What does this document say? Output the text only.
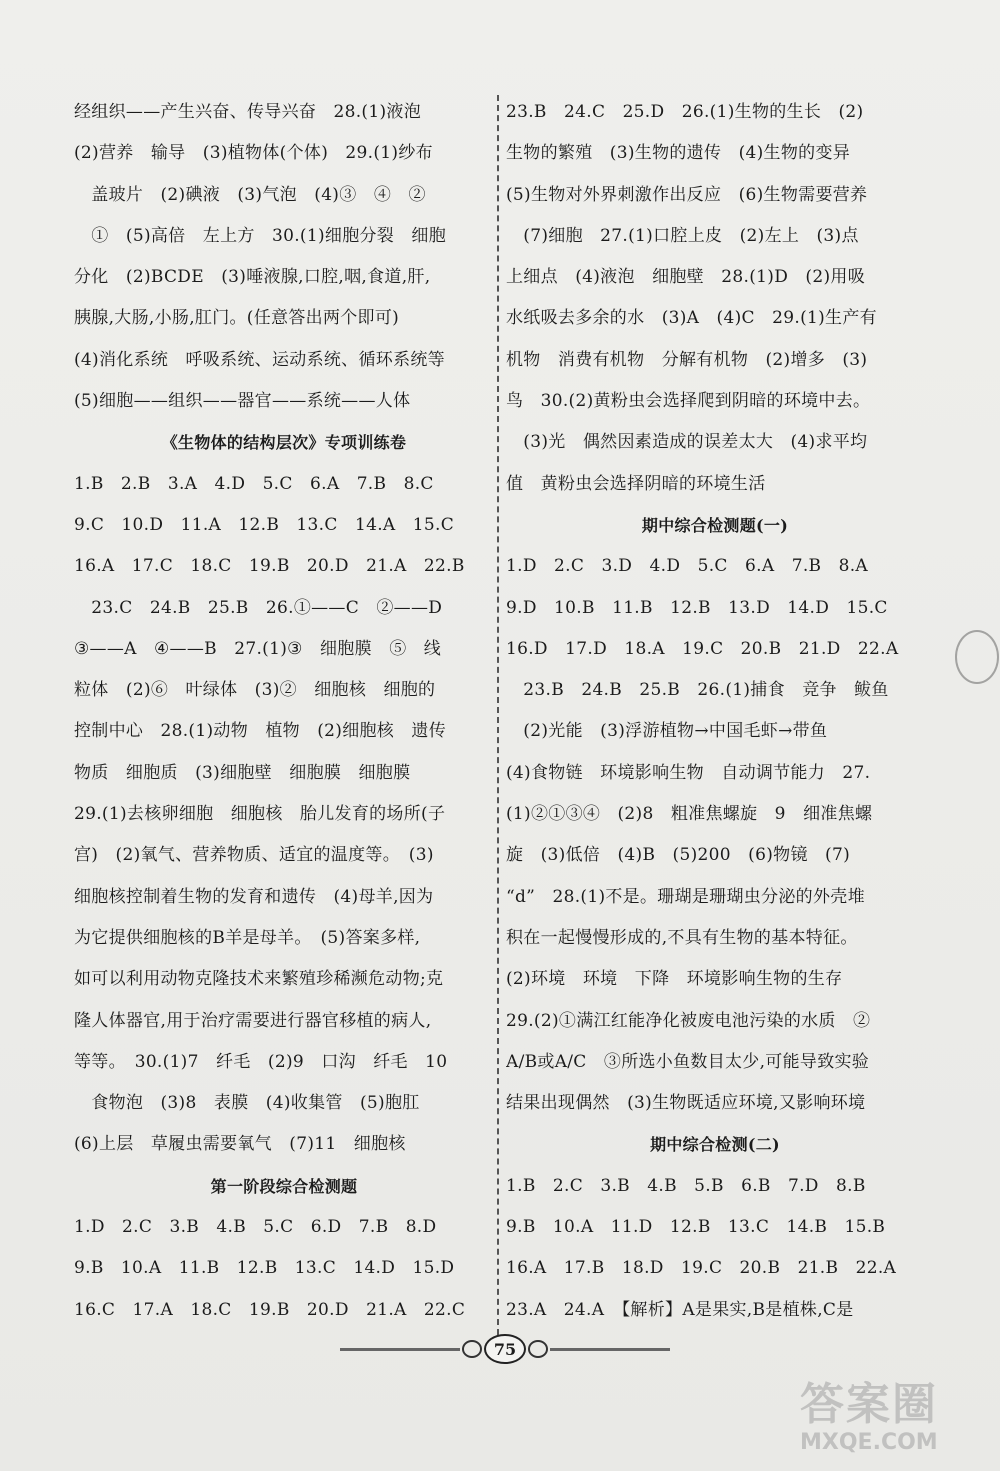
经组织——产生兴奋、传导兴奋　28.(1)液泡
(2)营养　输导　(3)植物体(个体)　29.(1)纱布
　盖玻片　(2)碘液　(3)气泡　(4)③　④　②
　①　(5)高倍　左上方　30.(1)细胞分裂　细胞
分化　(2)BCDE　(3)唾液腺,口腔,咽,食道,肝,
胰腺,大肠,小肠,肛门。(任意答出两个即可)
(4)消化系统　呼吸系统、运动系统、循环系统等
(5)细胞——组织——器官——系统——人体
《生物体的结构层次》专项训练卷
1.B　2.B　3.A　4.D　5.C　6.A　7.B　8.C
9.C　10.D　11.A　12.B　13.C　14.A　15.C
16.A　17.C　18.C　19.B　20.D　21.A　22.B
　23.C　24.B　25.B　26.①——C　②——D
③——A　④——B　27.(1)③　细胞膜　⑤　线
粒体　(2)⑥　叶绿体　(3)②　细胞核　细胞的
控制中心　28.(1)动物　植物　(2)细胞核　遗传
物质　细胞质　(3)细胞壁　细胞膜　细胞膜
29.(1)去核卵细胞　细胞核　胎儿发育的场所(子
宫)　(2)氧气、营养物质、适宜的温度等。　(3)
细胞核控制着生物的发育和遗传　(4)母羊,因为
为它提供细胞核的B羊是母羊。　(5)答案多样,
如可以利用动物克隆技术来繁殖珍稀濒危动物;克
隆人体器官,用于治疗需要进行器官移植的病人,
等等。　30.(1)7　纤毛　(2)9　口沟　纤毛　10
　食物泡　(3)8　表膜　(4)收集管　(5)胞肛
(6)上层　草履虫需要氧气　(7)11　细胞核
第一阶段综合检测题
1.D　2.C　3.B　4.B　5.C　6.D　7.B　8.D
9.B　10.A　11.B　12.B　13.C　14.D　15.D
16.C　17.A　18.C　19.B　20.D　21.A　22.C
23.B　24.C　25.D　26.(1)生物的生长　(2)
生物的繁殖　(3)生物的遗传　(4)生物的变异
(5)生物对外界刺激作出反应　(6)生物需要营养
　(7)细胞　27.(1)口腔上皮　(2)左上　(3)点
上细点　(4)液泡　细胞壁　28.(1)D　(2)用吸
水纸吸去多余的水　(3)A　(4)C　29.(1)生产有
机物　消费有机物　分解有机物　(2)增多　(3)
鸟　30.(2)黄粉虫会选择爬到阴暗的环境中去。
　(3)光　偶然因素造成的误差太大　(4)求平均
值　黄粉虫会选择阴暗的环境生活
期中综合检测题(一)
1.D　2.C　3.D　4.D　5.C　6.A　7.B　8.A
9.D　10.B　11.B　12.B　13.D　14.D　15.C
16.D　17.D　18.A　19.C　20.B　21.D　22.A
　23.B　24.B　25.B　26.(1)捕食　竞争　鲅鱼
　(2)光能　(3)浮游植物→中国毛虾→带鱼
(4)食物链　环境影响生物　自动调节能力　27.
(1)②①③④　(2)8　粗准焦螺旋　9　细准焦螺
旋　(3)低倍　(4)B　(5)200　(6)物镜　(7)
“d”　28.(1)不是。珊瑚是珊瑚虫分泌的外壳堆
积在一起慢慢形成的,不具有生物的基本特征。
(2)环境　环境　下降　环境影响生物的生存
29.(2)①满江红能净化被废电池污染的水质　②
A/B或A/C　③所选小鱼数目太少,可能导致实验
结果出现偶然　(3)生物既适应环境,又影响环境
期中综合检测(二)
1.B　2.C　3.B　4.B　5.B　6.B　7.D　8.B
9.B　10.A　11.D　12.B　13.C　14.B　15.B
16.A　17.B　18.D　19.C　20.B　21.B　22.A
23.A　24.A　【解析】A是果实,B是植株,C是
75
答案圈
MXQE.COM
